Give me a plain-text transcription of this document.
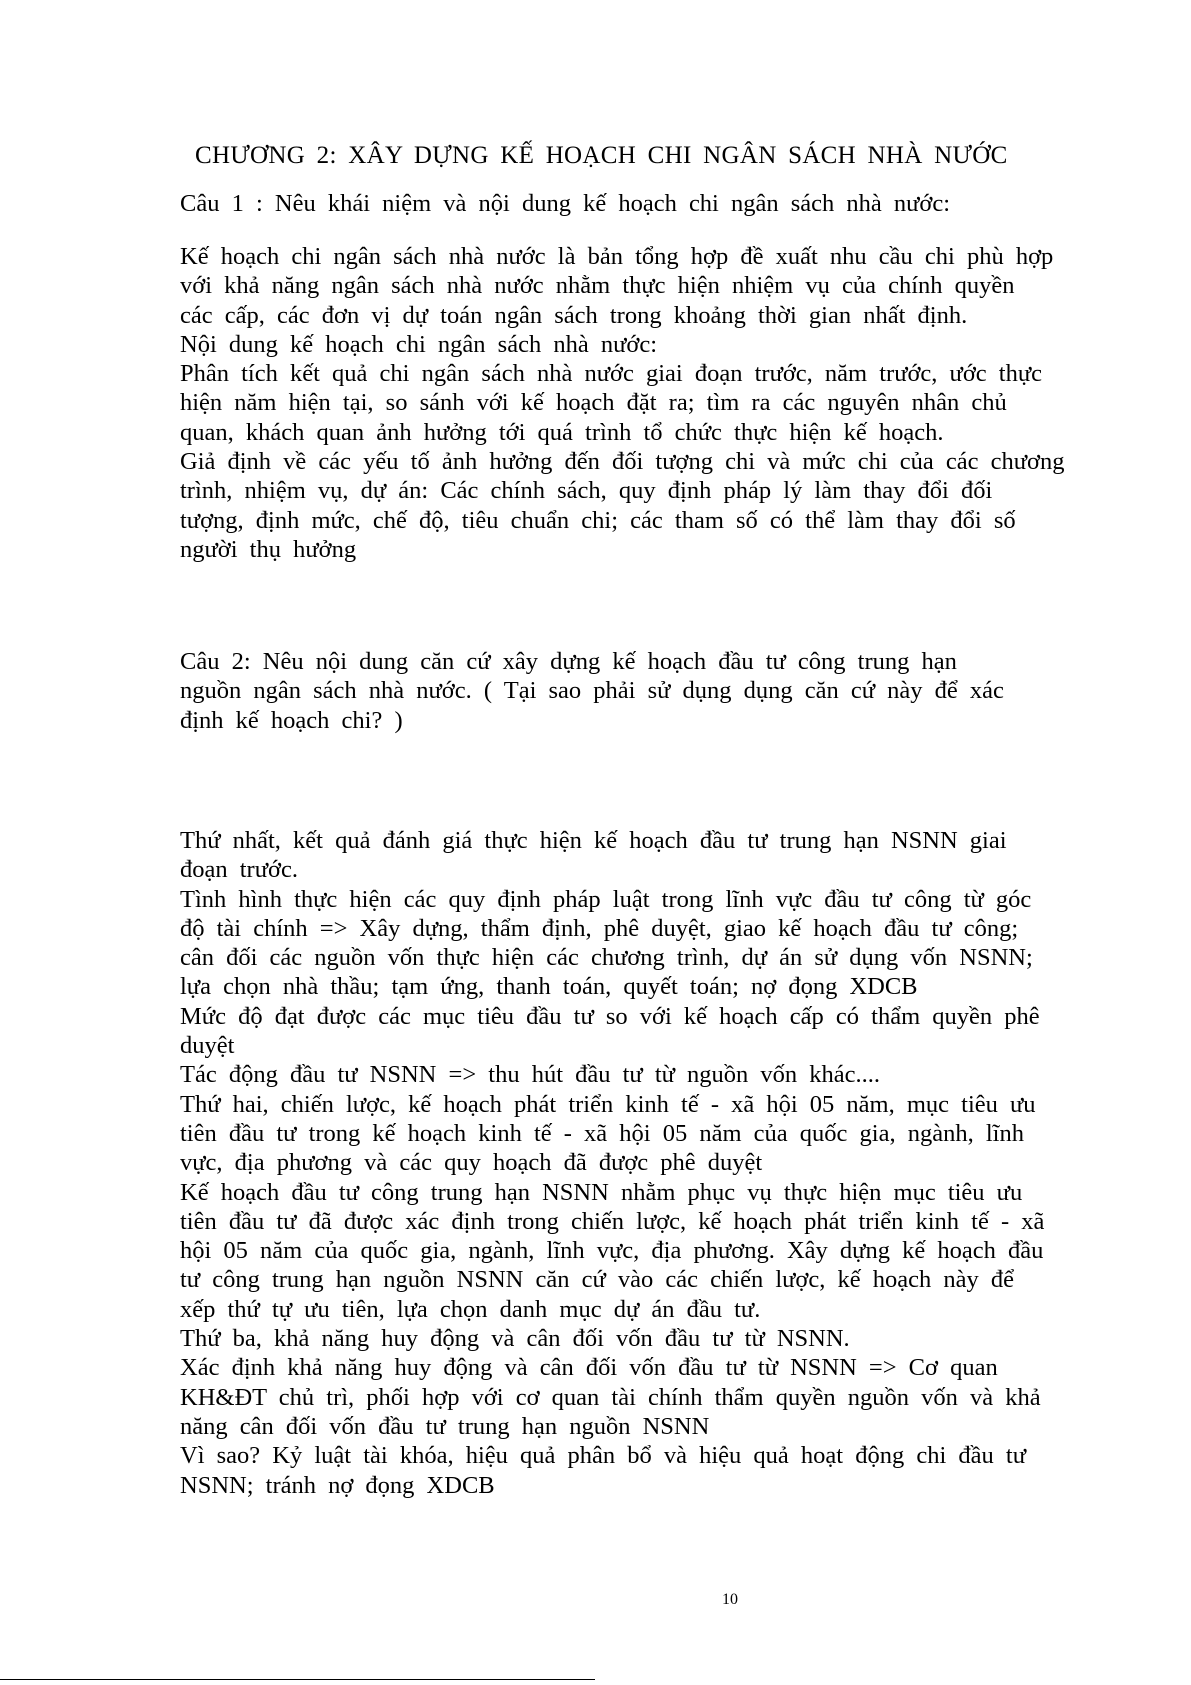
CHƯƠNG 2: XÂY DỰNG KẾ HOẠCH CHI NGÂN SÁCH NHÀ NƯỚC
Câu 1 : Nêu khái niệm và nội dung kế hoạch chi ngân sách nhà nước:
Kế hoạch chi ngân sách nhà nước là bản tổng hợp đề xuất nhu cầu chi phù hợp
với khả năng ngân sách nhà nước nhằm thực hiện nhiệm vụ của chính quyền
các cấp, các đơn vị dự toán ngân sách trong khoảng thời gian nhất định.
Nội dung kế hoạch chi ngân sách nhà nước:
Phân tích kết quả chi ngân sách nhà nước giai đoạn trước, năm trước, ước thực
hiện năm hiện tại, so sánh với kế hoạch đặt ra; tìm ra các nguyên nhân chủ
quan, khách quan ảnh hưởng tới quá trình tổ chức thực hiện kế hoạch.
Giả định về các yếu tố ảnh hưởng đến đối tượng chi và mức chi của các chương
trình, nhiệm vụ, dự án: Các chính sách, quy định pháp lý làm thay đổi đối
tượng, định mức, chế độ, tiêu chuẩn chi; các tham số có thể làm thay đổi số
người thụ hưởng
Câu 2: Nêu nội dung căn cứ xây dựng kế hoạch đầu tư công trung hạn
nguồn ngân sách nhà nước. ( Tại sao phải sử dụng dụng căn cứ này để xác
định kế hoạch chi? )
Thứ nhất, kết quả đánh giá thực hiện kế hoạch đầu tư trung hạn NSNN giai
đoạn trước.
Tình hình thực hiện các quy định pháp luật trong lĩnh vực đầu tư công từ góc
độ tài chính => Xây dựng, thẩm định, phê duyệt, giao kế hoạch đầu tư công;
cân đối các nguồn vốn thực hiện các chương trình, dự án sử dụng vốn NSNN;
lựa chọn nhà thầu; tạm ứng, thanh toán, quyết toán; nợ đọng XDCB
Mức độ đạt được các mục tiêu đầu tư so với kế hoạch cấp có thẩm quyền phê
duyệt
Tác động đầu tư NSNN => thu hút đầu tư từ nguồn vốn khác....
Thứ hai, chiến lược, kế hoạch phát triển kinh tế - xã hội 05 năm, mục tiêu ưu
tiên đầu tư trong kế hoạch kinh tế - xã hội 05 năm của quốc gia, ngành, lĩnh
vực, địa phương và các quy hoạch đã được phê duyệt
Kế hoạch đầu tư công trung hạn NSNN nhằm phục vụ thực hiện mục tiêu ưu
tiên đầu tư đã được xác định trong chiến lược, kế hoạch phát triển kinh tế - xã
hội 05 năm của quốc gia, ngành, lĩnh vực, địa phương. Xây dựng kế hoạch đầu
tư công trung hạn nguồn NSNN căn cứ vào các chiến lược, kế hoạch này để
xếp thứ tự ưu tiên, lựa chọn danh mục dự án đầu tư.
Thứ ba, khả năng huy động và cân đối vốn đầu tư từ NSNN.
Xác định khả năng huy động và cân đối vốn đầu tư từ NSNN => Cơ quan
KH&ĐT chủ trì, phối hợp với cơ quan tài chính thẩm quyền nguồn vốn và khả
năng cân đối vốn đầu tư trung hạn nguồn NSNN
Vì sao? Kỷ luật tài khóa, hiệu quả phân bổ và hiệu quả hoạt động chi đầu tư
NSNN; tránh nợ đọng XDCB
10
